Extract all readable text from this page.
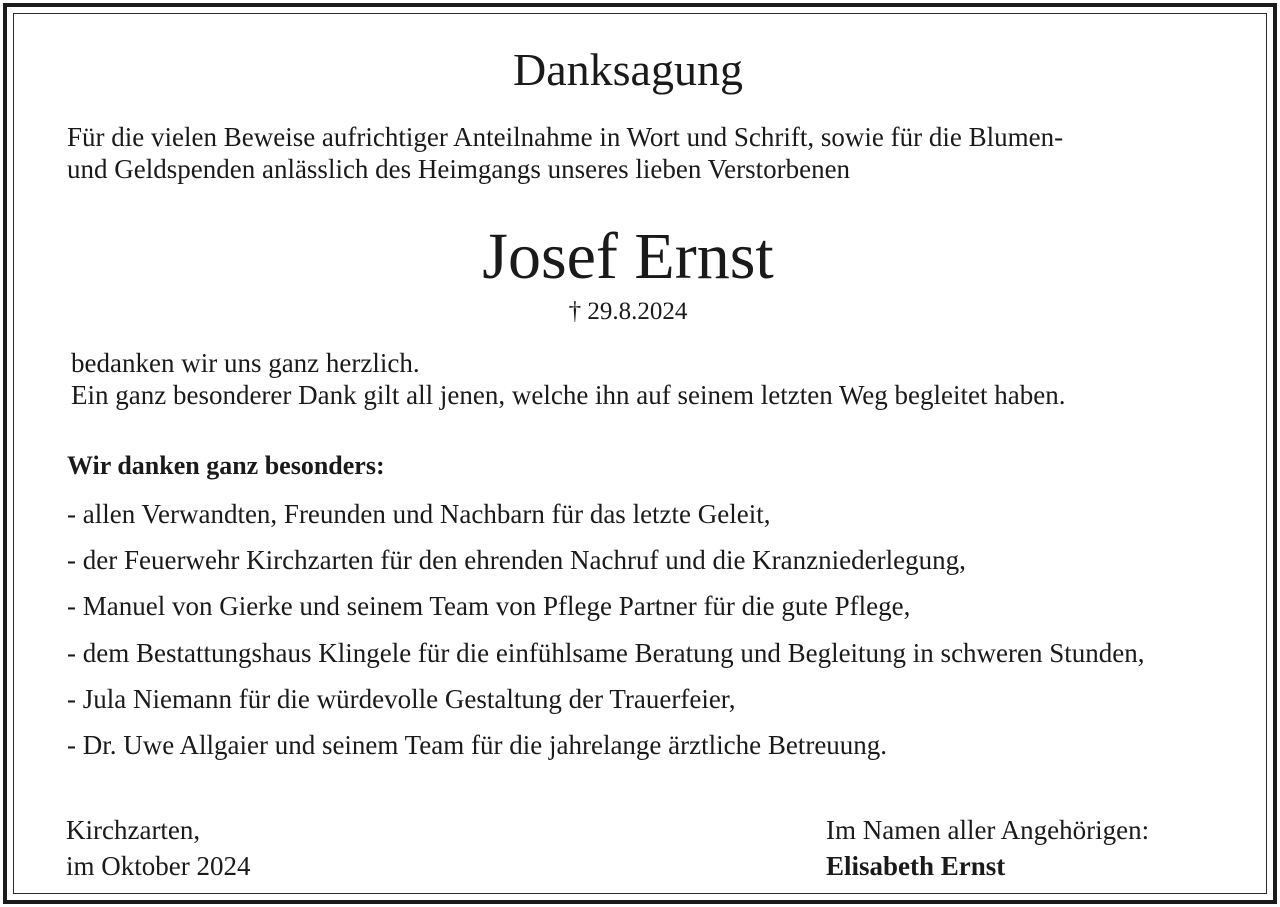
Danksagung
Für die vielen Beweise aufrichtiger Anteilnahme in Wort und Schrift, sowie für die Blumen-
und Geldspenden anlässlich des Heimgangs unseres lieben Verstorbenen
Josef Ernst
† 29.8.2024
bedanken wir uns ganz herzlich.
Ein ganz besonderer Dank gilt all jenen, welche ihn auf seinem letzten Weg begleitet haben.
Wir danken ganz besonders:
- allen Verwandten, Freunden und Nachbarn für das letzte Geleit,
- der Feuerwehr Kirchzarten für den ehrenden Nachruf und die Kranzniederlegung,
- Manuel von Gierke und seinem Team von Pflege Partner für die gute Pflege,
- dem Bestattungshaus Klingele für die einfühlsame Beratung und Begleitung in schweren Stunden,
- Jula Niemann für die würdevolle Gestaltung der Trauerfeier,
- Dr. Uwe Allgaier und seinem Team für die jahrelange ärztliche Betreuung.
Kirchzarten,
im Oktober 2024
Im Namen aller Angehörigen:
Elisabeth Ernst
